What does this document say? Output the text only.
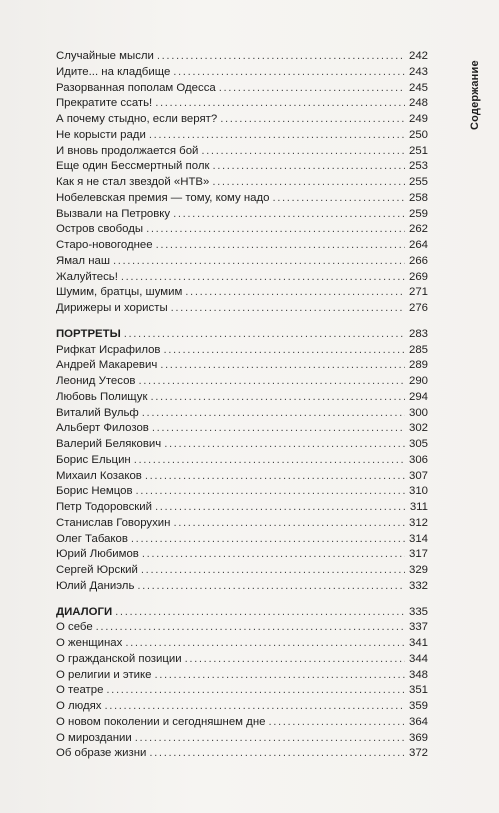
Случайные мысли .....	242
Идите... на кладбище .....	243
Разорванная пополам Одесса .....	245
Прекратите ссать! .....	248
А почему стыдно, если верят? .....	249
Не корысти ради .....	250
И вновь продолжается бой .....	251
Еще один Бессмертный полк .....	253
Как я не стал звездой «НТВ» .....	255
Нобелевская премия — тому, кому надо .....	258
Вызвали на Петровку .....	259
Остров свободы .....	262
Старо-новогоднее .....	264
Ямал наш .....	266
Жалуйтесь! .....	269
Шумим, братцы, шумим .....	271
Дирижеры и хористы .....	276
ПОРТРЕТЫ .....	283
Рифкат Исрафилов .....	285
Андрей Макаревич .....	289
Леонид Утесов .....	290
Любовь Полищук .....	294
Виталий Вульф .....	300
Альберт Филозов .....	302
Валерий Белякович .....	305
Борис Ельцин .....	306
Михаил Козаков .....	307
Борис Немцов .....	310
Петр Тодоровский .....	311
Станислав Говорухин .....	312
Олег Табаков .....	314
Юрий Любимов .....	317
Сергей Юрский .....	329
Юлий Даниэль .....	332
ДИАЛОГИ .....	335
О себе .....	337
О женщинах .....	341
О гражданской позиции .....	344
О религии и этике .....	348
О театре .....	351
О людях .....	359
О новом поколении и сегодняшнем дне .....	364
О мироздании .....	369
Об образе жизни .....	372
Содержание
